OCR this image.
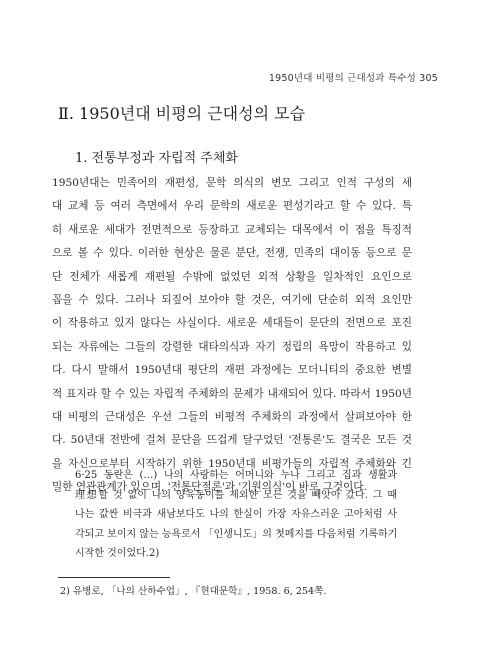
1950년대 비평의 근대성과 특수성 305
Ⅱ. 1950년대 비평의 근대성의 모습
1. 전통부정과 자립적 주체화
1950년대는 민족어의 재편성, 문학 의식의 변모 그리고 인적 구성의 세
대 교체 등 여러 측면에서 우리 문학의 새로운 편성기라고 할 수 있다. 특
히 새로운 세대가 전면적으로 등장하고 교체되는 대목에서 이 점을 특징적
으로 볼 수 있다. 이러한 현상은 물론 분단, 전쟁, 민족의 대이동 등으로 문
단 전체가 새롭게 재편될 수밖에 없었던 외적 상황을 일차적인 요인으로
꼽을 수 있다. 그러나 되짚어 보아야 할 것은, 여기에 단순히 외적 요인만
이 작용하고 있지 않다는 사실이다. 새로운 세대들이 문단의 전면으로 포진
되는 자류에는 그들의 강렬한 대타의식과 자기 정립의 욕망이 작용하고 있
다. 다시 말해서 1950년대 평단의 재편 과정에는 모더니티의 중요한 변별
적 표지라 할 수 있는 자립적 주체화의 문제가 내재되어 있다. 따라서 1950년
대 비평의 근대성은 우선 그들의 비평적 주체화의 과정에서 살펴보아야 한
다. 50년대 전반에 걸쳐 문단을 뜨겁게 달구었던 '전통론'도 결국은 모든 것
을 자신으로부터 시작하기 위한 1950년대 비평가들의 자립적 주체화와 긴
밀한 연관관계가 있으며, '전통단절론'과 '기원의식'이 바로 그것이다.
6·25 동란은 (…) 나의 사랑하는 어머니와 누나 그리고 집과 생활과
理想할 것 없이 나의 양육동이를 제외한 모든 것을 빼앗아 갔다. 그 때
나는 값싼 비극과 새남보다도 나의 한실이 가장 자유스러운 고아처럼 사
각되고 보이지 않는 능욕로서 「인생니도」의 첫페지를 다음처럼 기록하기
시작한 것이었다.2)
2) 유병로, 「나의 산하수업」, 『현대문학』, 1958. 6, 254쪽.
